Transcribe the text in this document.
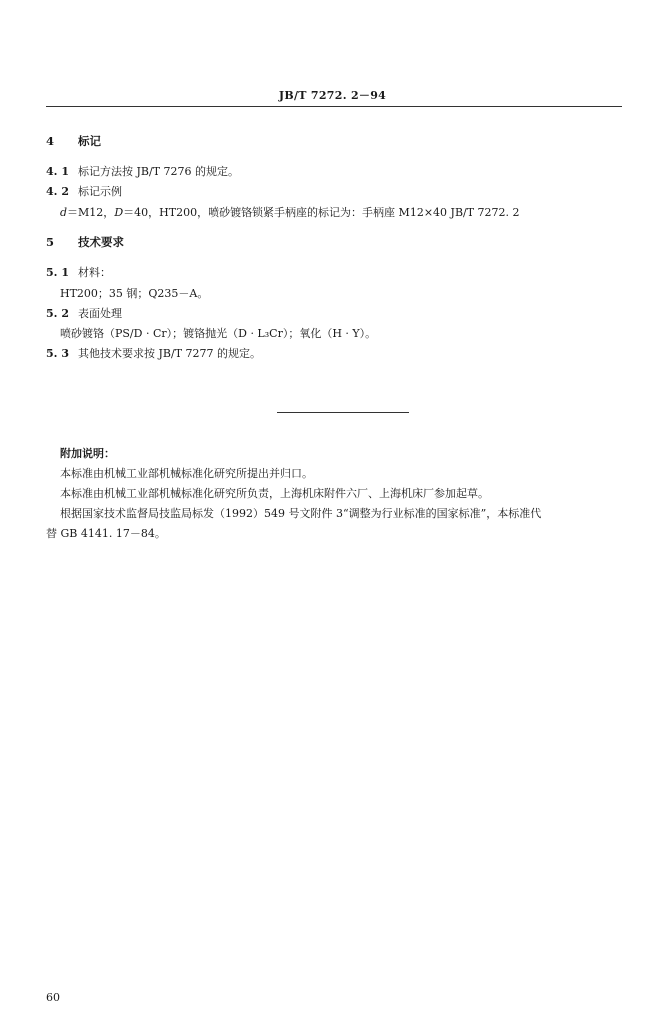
JB/T 7272. 2－94
4 标记
4. 1 标记方法按 JB/T 7276 的规定。
4. 2 标记示例
d＝M12，D＝40，HT200，喷砂镀铬锁紧手柄座的标记为：手柄座 M12×40 JB/T 7272. 2
5 技术要求
5. 1 材料：
HT200；35 钢；Q235－A。
5. 2 表面处理
喷砂镀铬（PS/D · Cr）；镀铬抛光（D · L₃Cr）；氧化（H · Y）。
5. 3 其他技术要求按 JB/T 7277 的规定。
附加说明：
本标准由机械工业部机械标准化研究所提出并归口。
本标准由机械工业部机械标准化研究所负责，上海机床附件六厂、上海机床厂参加起草。
根据国家技术监督局技监局标发（1992）549 号文附件 3“调整为行业标准的国家标准”，本标准代
替 GB 4141. 17－84。
60
